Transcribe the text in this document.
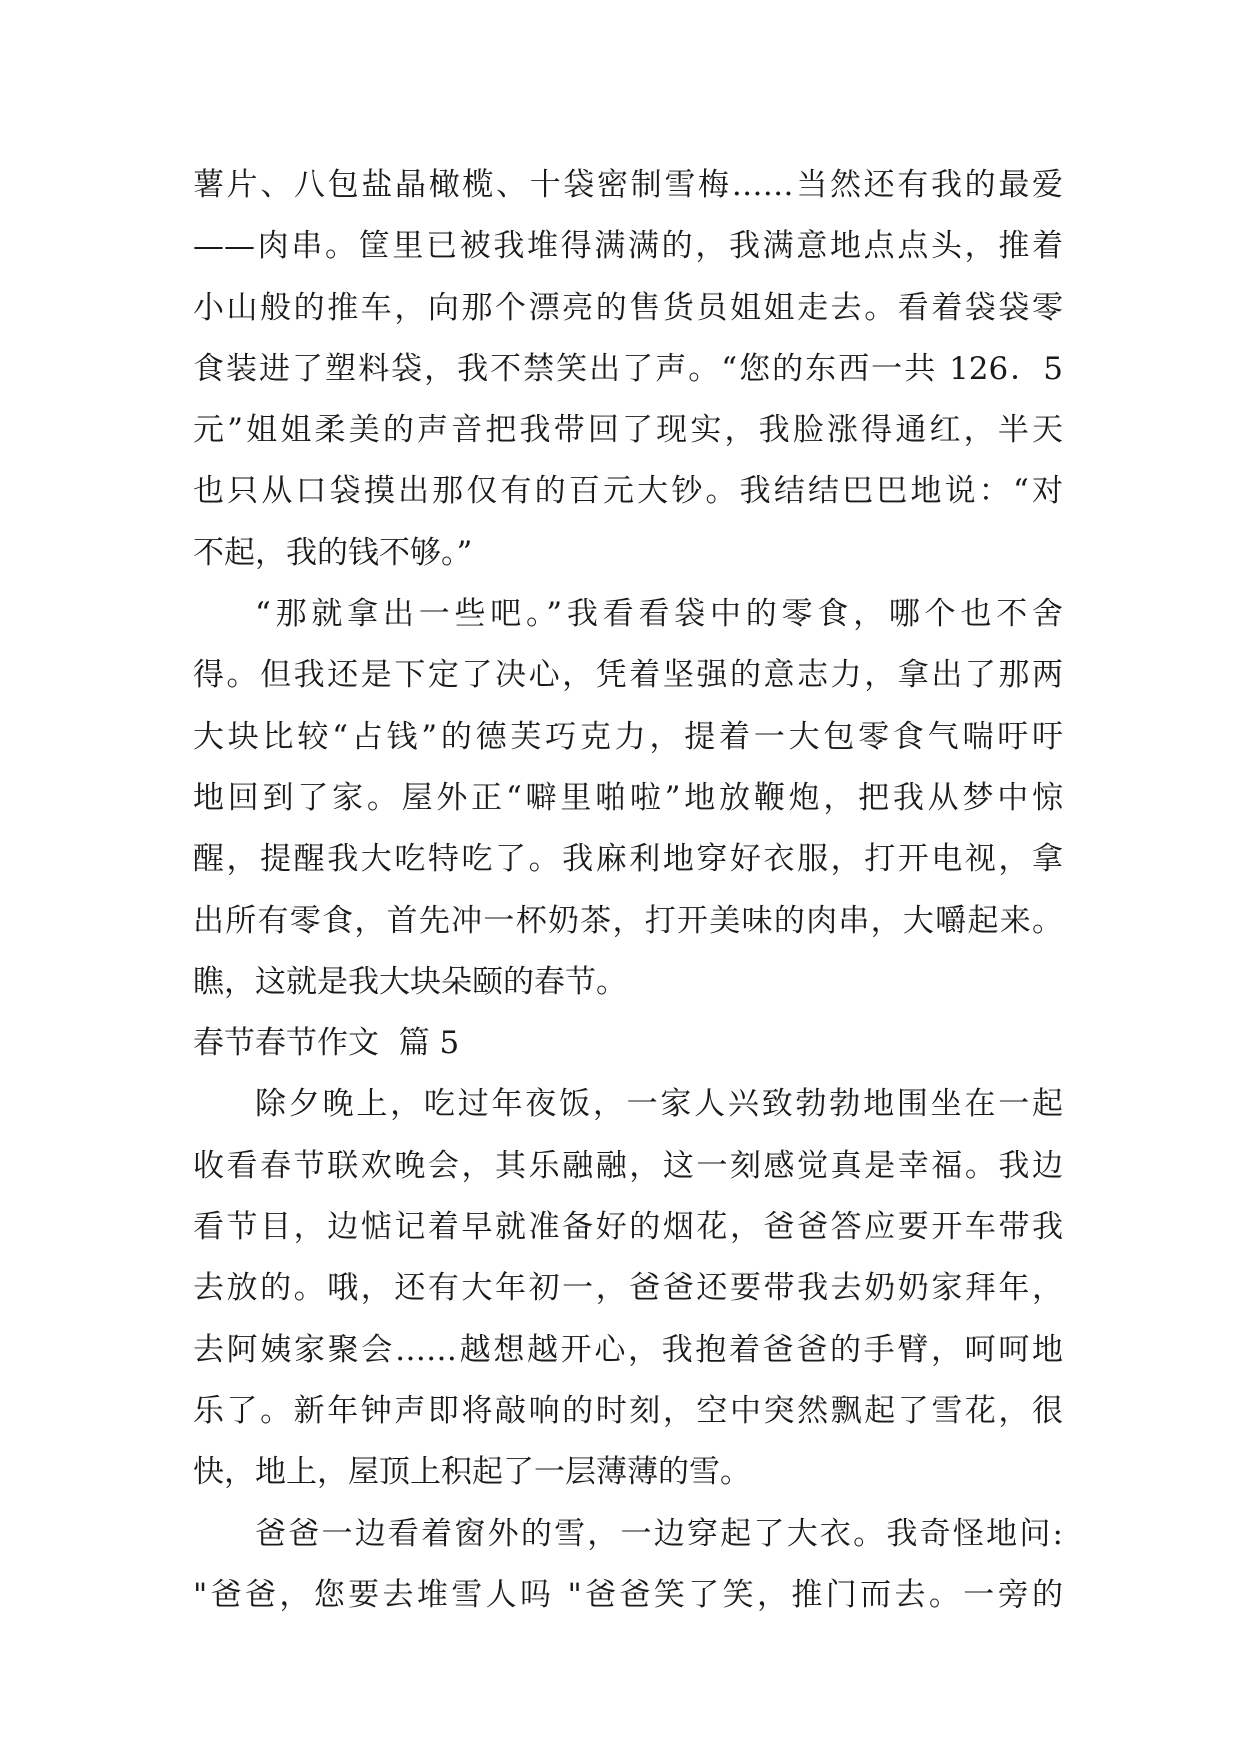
薯片、八包盐晶橄榄、十袋密制雪梅……当然还有我的最爱
——肉串。筐里已被我堆得满满的，我满意地点点头，推着
小山般的推车，向那个漂亮的售货员姐姐走去。看着袋袋零
食装进了塑料袋，我不禁笑出了声。“您的东西一共 126．5
元”姐姐柔美的声音把我带回了现实，我脸涨得通红，半天
也只从口袋摸出那仅有的百元大钞。我结结巴巴地说：“对
不起，我的钱不够。”
“那就拿出一些吧。”我看看袋中的零食，哪个也不舍
得。但我还是下定了决心，凭着坚强的意志力，拿出了那两
大块比较“占钱”的德芙巧克力，提着一大包零食气喘吁吁
地回到了家。屋外正“噼里啪啦”地放鞭炮，把我从梦中惊
醒，提醒我大吃特吃了。我麻利地穿好衣服，打开电视，拿
出所有零食，首先冲一杯奶茶，打开美味的肉串，大嚼起来。
瞧，这就是我大块朵颐的春节。
春节春节作文  篇 5
除夕晚上，吃过年夜饭，一家人兴致勃勃地围坐在一起
收看春节联欢晚会，其乐融融，这一刻感觉真是幸福。我边
看节目，边惦记着早就准备好的烟花，爸爸答应要开车带我
去放的。哦，还有大年初一，爸爸还要带我去奶奶家拜年，
去阿姨家聚会……越想越开心，我抱着爸爸的手臂，呵呵地
乐了。新年钟声即将敲响的时刻，空中突然飘起了雪花，很
快，地上，屋顶上积起了一层薄薄的雪。
爸爸一边看着窗外的雪，一边穿起了大衣。我奇怪地问:
"爸爸，您要去堆雪人吗 "爸爸笑了笑，推门而去。一旁的
